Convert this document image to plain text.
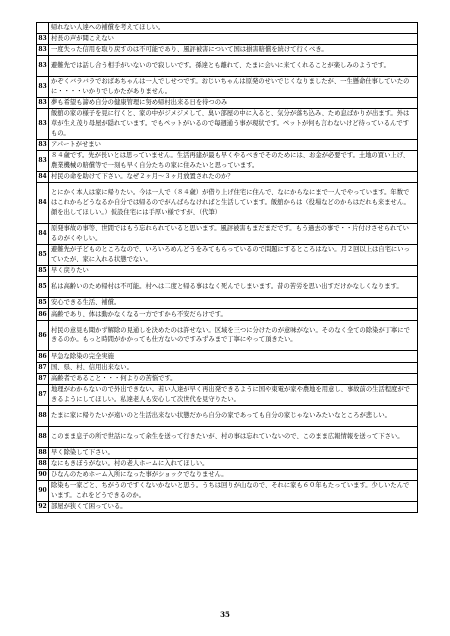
	帰れない人達への補償を考えてほしい。
83	村長の声が聞こえない
83	一度失った信用を取り戻すのは不可能であり、風評被害について国は損害賠償を続けて行くべき。
83	避難先では話し合う相手がいないので寂しいです。孫達とも離れて、たまに会いに来てくれることが楽しみのようです。
83	かぞくバラバラでおばあちゃんは一人でしせつです。おじいちゃんは原発のせいでじくなりましたが、一生懸命仕事していたのに・・・・いかりでしかたがありません。
83	夢も希望も諦め自分の健康管理に努め帰村出来る日を待つのみ
83	飯舘の家の様子を見に行くと、家の中がジメジメして、臭い部屋の中に入ると、気分が落ち込み、ため息ばかりが出ます。外は草が生え茂り母屋が隠れています。でもペットがいるので毎週通う事が現状です。ペットが何も言わないけど待っているんですもの。
83	アパートがせまい
83	８４歳です。先が長いとは思っていません。生活再建が最も早くやるべきでそのためには、お金が必要です。土地の買い上げ、農業機械の賠償等で一刻も早く自分たちの家に住みたいと思っています。
84	村民の命を助けて下さい。なぜ２ヶ月～３ヶ月放置されたのか？
84	とにかく本人は家に帰りたい。今は一人で（８４歳）が借り上げ住宅に住んで、なにからなにまで一人でやっています。年数ではこれからどうなるか自分では帰るのでがんばらなければと生活しています。飯舘からは（役場などのからはだれも来ません。顔を出してほしい。）仮設住宅には手厚い様ですが、（代筆）
84	原発事故の事等、世間ではもう忘れられていると思います。風評被害もまだまだです。もう過去の事で・・片付けさせられているのがくやしい。
85	避難先が子どものところなので、いろいろめんどうをみてもらっているので問題にするところはない。月２回以上は自宅にいっていたが、家に入れる状態でない。
85	早く戻りたい
85	私は高齢いのため帰村は不可能。村へは二度と帰る事はなく死んでしまいます。昔の苦労を思い出すだけかなしくなります。
85	安心できる生活、補償。
86	高齢であり、体は動かなくなる一方ですから不安だらけです。
86	村民の意見も聞かず解除の見通しを決めたのは許せない。区域を三つに分けたのが意味がない。そのなく全ての除染が丁寧にできるのか。もっと時間がかかっても仕方ないのですみずみまで丁寧にやって頂きたい。
86	早急な除染の完全実施
87	国、県、村、信用出来ない。
87	高齢者であること・・・何よりの苦悩です。
87	地理がわからないので外出できない。若い人達が早く再出発できるように国や東電が家や農地を用意し、事故前の生活程度ができるようにしてほしい。私達老人も安心して次世代を見守りたい。
88	たまに家に帰りたいが遠いのと生活出来ない状態だから自分の家であっても自分の家じゃないみたいなところが悲しい。
88	このまま息子の所で世話になって余生を送って行きたいが、村の事は忘れていないので、このまま広報情報を送って下さい。
88	早く除染して下さい。
88	なにもきぼうがない。村の老人ホームに入れてほしい。
90	ひなんのためホーム入所になった事がショックでなりません。
90	除染も一家ごと、ちがうのですくないかないと思う。うちは回りが山なので、それに家も６０年もたっています。少しいたんでいます。これをどうできるのか。
92	部屋が狭くて困っている。
35
